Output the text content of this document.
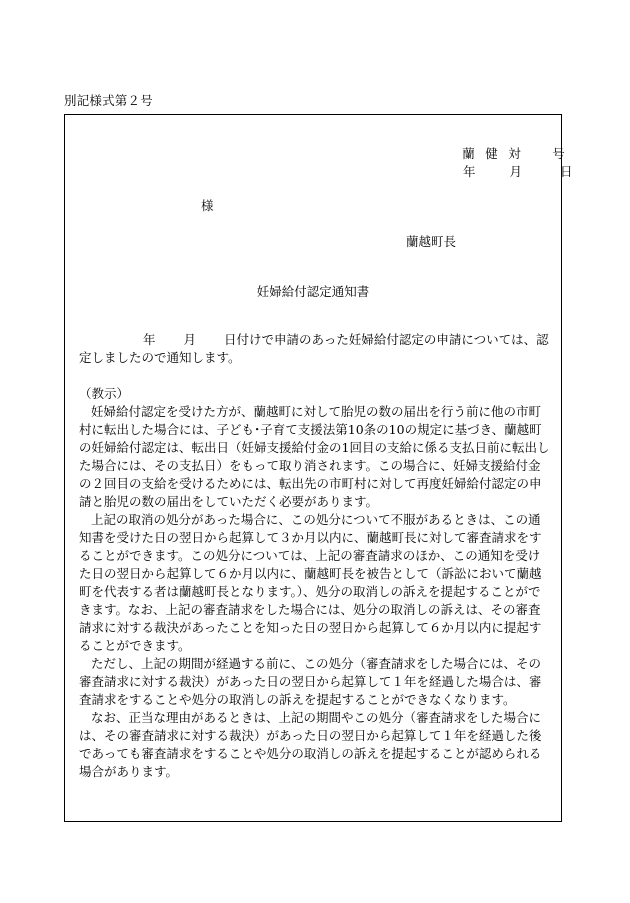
別記様式第２号
蘭 健 対	号
年	月	日
様
蘭越町長
妊婦給付認定通知書

年 月 日付けで申請のあった妊婦給付認定の申請については、認定しましたので通知します。

（教示）

妊婦給付認定を受けた方が、蘭越町に対して胎児の数の届出を行う前に他の市町村に転出した場合には、子ども･子育て支援法第10条の10の規定に基づき、蘭越町の妊婦給付認定は、転出日（妊婦支援給付金の1回目の支給に係る支払日前に転出した場合には、その支払日）をもって取り消されます。この場合に、妊婦支援給付金の２回目の支給を受けるためには、転出先の市町村に対して再度妊婦給付認定の申請と胎児の数の届出をしていただく必要があります。

上記の取消の処分があった場合に、この処分について不服があるときは、この通知書を受けた日の翌日から起算して３か月以内に、蘭越町長に対して審査請求をすることができます。この処分については、上記の審査請求のほか、この通知を受けた日の翌日から起算して６か月以内に、蘭越町長を被告として（訴訟において蘭越町を代表する者は蘭越町長となります。）、処分の取消しの訴えを提起することができます。なお、上記の審査請求をした場合には、処分の取消しの訴えは、その審査請求に対する裁決があったことを知った日の翌日から起算して６か月以内に提起することができます。

ただし、上記の期間が経過する前に、この処分（審査請求をした場合には、その審査請求に対する裁決）があった日の翌日から起算して１年を経過した場合は、審査請求をすることや処分の取消しの訴えを提起することができなくなります。

なお、正当な理由があるときは、上記の期間やこの処分（審査請求をした場合には、その審査請求に対する裁決）があった日の翌日から起算して１年を経過した後であっても審査請求をすることや処分の取消しの訴えを提起することが認められる場合があります。
